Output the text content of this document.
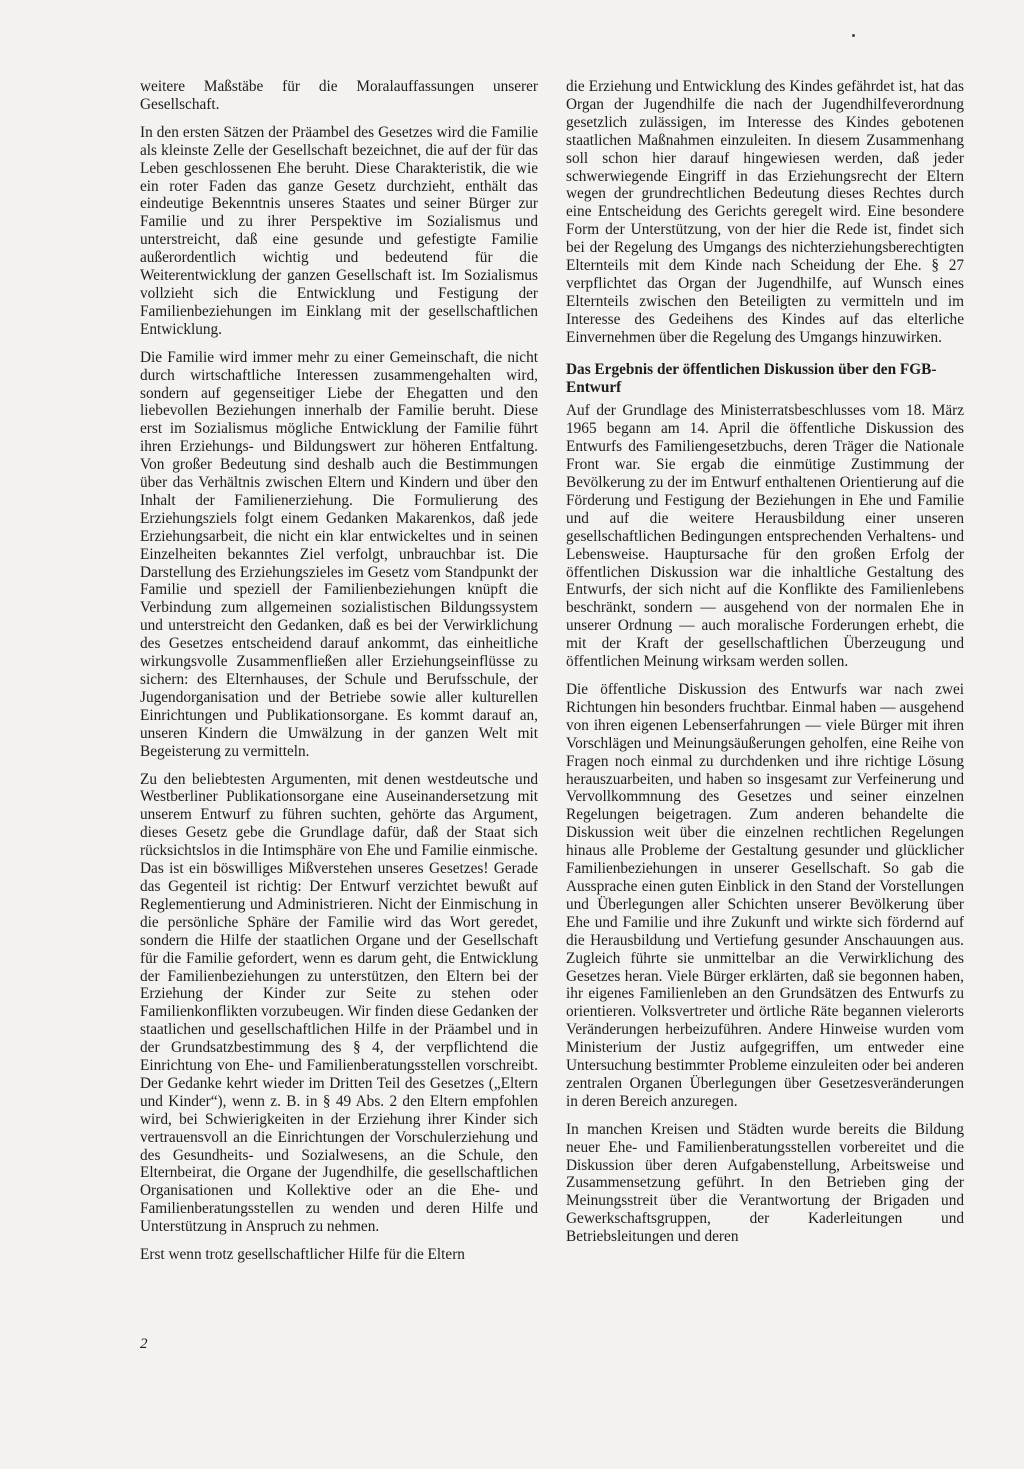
weitere Maßstäbe für die Moralauffassungen unserer Gesellschaft.

In den ersten Sätzen der Präambel des Gesetzes wird die Familie als kleinste Zelle der Gesellschaft bezeichnet, die auf der für das Leben geschlossenen Ehe beruht. Diese Charakteristik, die wie ein roter Faden das ganze Gesetz durchzieht, enthält das eindeutige Bekenntnis unseres Staates und seiner Bürger zur Familie und zu ihrer Perspektive im Sozialismus und unterstreicht, daß eine gesunde und gefestigte Familie außerordentlich wichtig und bedeutend für die Weiterentwicklung der ganzen Gesellschaft ist. Im Sozialismus vollzieht sich die Entwicklung und Festigung der Familienbeziehungen im Einklang mit der gesellschaftlichen Entwicklung.

Die Familie wird immer mehr zu einer Gemeinschaft, die nicht durch wirtschaftliche Interessen zusammengehalten wird, sondern auf gegenseitiger Liebe der Ehegatten und den liebevollen Beziehungen innerhalb der Familie beruht. Diese erst im Sozialismus mögliche Entwicklung der Familie führt ihren Erziehungs- und Bildungswert zur höheren Entfaltung. Von großer Bedeutung sind deshalb auch die Bestimmungen über das Verhältnis zwischen Eltern und Kindern und über den Inhalt der Familienerziehung. Die Formulierung des Erziehungsziels folgt einem Gedanken Makarenkos, daß jede Erziehungsarbeit, die nicht ein klar entwickeltes und in seinen Einzelheiten bekanntes Ziel verfolgt, unbrauchbar ist. Die Darstellung des Erziehungszieles im Gesetz vom Standpunkt der Familie und speziell der Familienbeziehungen knüpft die Verbindung zum allgemeinen sozialistischen Bildungssystem und unterstreicht den Gedanken, daß es bei der Verwirklichung des Gesetzes entscheidend darauf ankommt, das einheitliche wirkungsvolle Zusammenfließen aller Erziehungseinflüsse zu sichern: des Elternhauses, der Schule und Berufsschule, der Jugendorganisation und der Betriebe sowie aller kulturellen Einrichtungen und Publikationsorgane. Es kommt darauf an, unseren Kindern die Umwälzung in der ganzen Welt mit Begeisterung zu vermitteln.

Zu den beliebtesten Argumenten, mit denen westdeutsche und Westberliner Publikationsorgane eine Auseinandersetzung mit unserem Entwurf zu führen suchten, gehörte das Argument, dieses Gesetz gebe die Grundlage dafür, daß der Staat sich rücksichtslos in die Intimsphäre von Ehe und Familie einmische. Das ist ein böswilliges Mißverstehen unseres Gesetzes! Gerade das Gegenteil ist richtig: Der Entwurf verzichtet bewußt auf Reglementierung und Administrieren. Nicht der Einmischung in die persönliche Sphäre der Familie wird das Wort geredet, sondern die Hilfe der staatlichen Organe und der Gesellschaft für die Familie gefordert, wenn es darum geht, die Entwicklung der Familienbeziehungen zu unterstützen, den Eltern bei der Erziehung der Kinder zur Seite zu stehen oder Familienkonflikten vorzubeugen. Wir finden diese Gedanken der staatlichen und gesellschaftlichen Hilfe in der Präambel und in der Grundsatzbestimmung des § 4, der verpflichtend die Einrichtung von Ehe- und Familienberatungsstellen vorschreibt. Der Gedanke kehrt wieder im Dritten Teil des Gesetzes („Eltern und Kinder“), wenn z. B. in § 49 Abs. 2 den Eltern empfohlen wird, bei Schwierigkeiten in der Erziehung ihrer Kinder sich vertrauensvoll an die Einrichtungen der Vorschulerziehung und des Gesundheits- und Sozialwesens, an die Schule, den Elternbeirat, die Organe der Jugendhilfe, die gesellschaftlichen Organisationen und Kollektive oder an die Ehe- und Familienberatungsstellen zu wenden und deren Hilfe und Unterstützung in Anspruch zu nehmen.

Erst wenn trotz gesellschaftlicher Hilfe für die Eltern

die Erziehung und Entwicklung des Kindes gefährdet ist, hat das Organ der Jugendhilfe die nach der Jugendhilfeverordnung gesetzlich zulässigen, im Interesse des Kindes gebotenen staatlichen Maßnahmen einzuleiten. In diesem Zusammenhang soll schon hier darauf hingewiesen werden, daß jeder schwerwiegende Eingriff in das Erziehungsrecht der Eltern wegen der grundrechtlichen Bedeutung dieses Rechtes durch eine Entscheidung des Gerichts geregelt wird. Eine besondere Form der Unterstützung, von der hier die Rede ist, findet sich bei der Regelung des Umgangs des nichterziehungsberechtigten Elternteils mit dem Kinde nach Scheidung der Ehe. § 27 verpflichtet das Organ der Jugendhilfe, auf Wunsch eines Elternteils zwischen den Beteiligten zu vermitteln und im Interesse des Gedeihens des Kindes auf das elterliche Einvernehmen über die Regelung des Umgangs hinzuwirken.

Das Ergebnis der öffentlichen Diskussion über den FGB-Entwurf

Auf der Grundlage des Ministerratsbeschlusses vom 18. März 1965 begann am 14. April die öffentliche Diskussion des Entwurfs des Familiengesetzbuchs, deren Träger die Nationale Front war. Sie ergab die einmütige Zustimmung der Bevölkerung zu der im Entwurf enthaltenen Orientierung auf die Förderung und Festigung der Beziehungen in Ehe und Familie und auf die weitere Herausbildung einer unseren gesellschaftlichen Bedingungen entsprechenden Verhaltens- und Lebensweise. Hauptursache für den großen Erfolg der öffentlichen Diskussion war die inhaltliche Gestaltung des Entwurfs, der sich nicht auf die Konflikte des Familienlebens beschränkt, sondern — ausgehend von der normalen Ehe in unserer Ordnung — auch moralische Forderungen erhebt, die mit der Kraft der gesellschaftlichen Überzeugung und öffentlichen Meinung wirksam werden sollen.

Die öffentliche Diskussion des Entwurfs war nach zwei Richtungen hin besonders fruchtbar. Einmal haben — ausgehend von ihren eigenen Lebenserfahrungen — viele Bürger mit ihren Vorschlägen und Meinungsäußerungen geholfen, eine Reihe von Fragen noch einmal zu durchdenken und ihre richtige Lösung herauszuarbeiten, und haben so insgesamt zur Verfeinerung und Vervollkommnung des Gesetzes und seiner einzelnen Regelungen beigetragen. Zum anderen behandelte die Diskussion weit über die einzelnen rechtlichen Regelungen hinaus alle Probleme der Gestaltung gesunder und glücklicher Familienbeziehungen in unserer Gesellschaft. So gab die Aussprache einen guten Einblick in den Stand der Vorstellungen und Überlegungen aller Schichten unserer Bevölkerung über Ehe und Familie und ihre Zukunft und wirkte sich fördernd auf die Herausbildung und Vertiefung gesunder Anschauungen aus. Zugleich führte sie unmittelbar an die Verwirklichung des Gesetzes heran. Viele Bürger erklärten, daß sie begonnen haben, ihr eigenes Familienleben an den Grundsätzen des Entwurfs zu orientieren. Volksvertreter und örtliche Räte begannen vielerorts Veränderungen herbeizuführen. Andere Hinweise wurden vom Ministerium der Justiz aufgegriffen, um entweder eine Untersuchung bestimmter Probleme einzuleiten oder bei anderen zentralen Organen Überlegungen über Gesetzesveränderungen in deren Bereich anzuregen.

In manchen Kreisen und Städten wurde bereits die Bildung neuer Ehe- und Familienberatungsstellen vorbereitet und die Diskussion über deren Aufgabenstellung, Arbeitsweise und Zusammensetzung geführt. In den Betrieben ging der Meinungsstreit über die Verantwortung der Brigaden und Gewerkschaftsgruppen, der Kaderleitungen und Betriebsleitungen und deren

2
